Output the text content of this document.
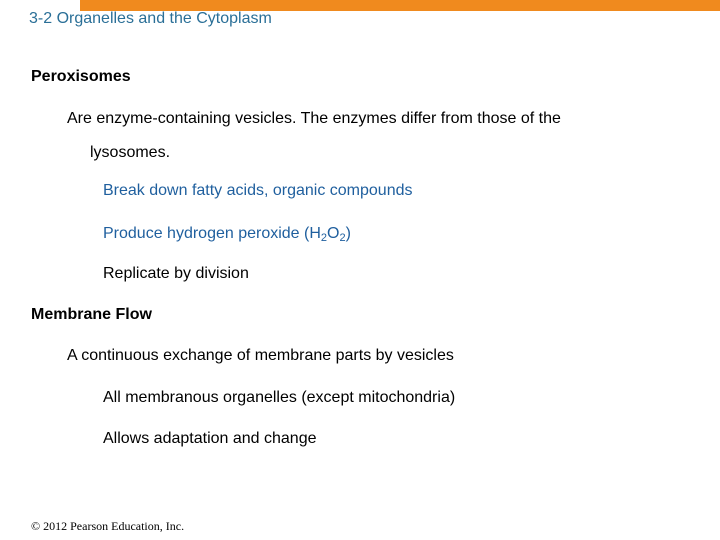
3-2 Organelles and the Cytoplasm
Peroxisomes
Are enzyme-containing vesicles. The enzymes differ from those of the
lysosomes.
Break down fatty acids, organic compounds
Produce hydrogen peroxide $(H_2O_2)$
Replicate by division
Membrane Flow
A continuous exchange of membrane parts by vesicles
All membranous organelles (except mitochondria)
Allows adaptation and change
© 2012 Pearson Education, Inc.
